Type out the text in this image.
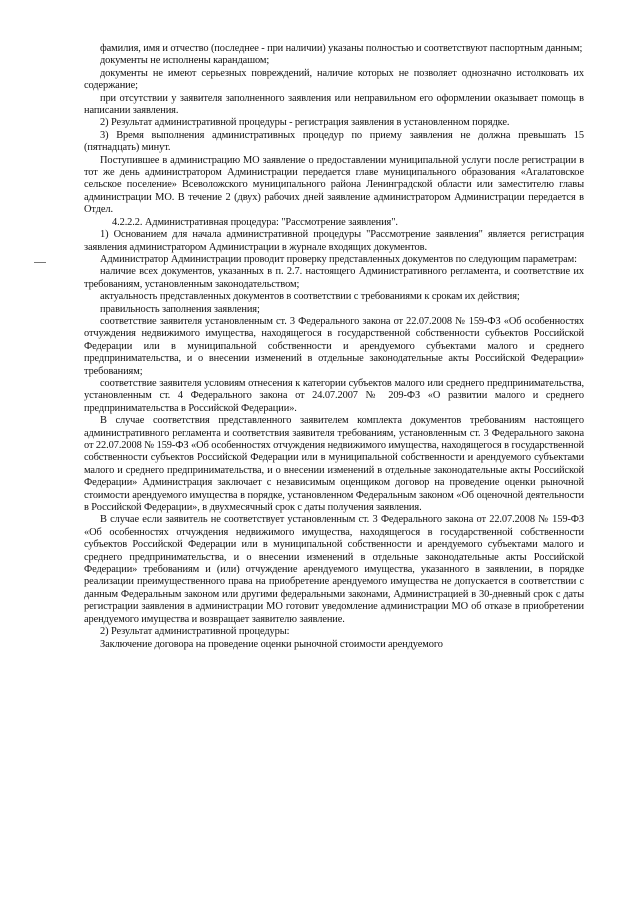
фамилия, имя и отчество (последнее - при наличии) указаны полностью и соответствуют паспортным данным;

документы не исполнены карандашом;

документы не имеют серьезных повреждений, наличие которых не позволяет однозначно истолковать их содержание;

при отсутствии у заявителя заполненного заявления или неправильном его оформлении оказывает помощь в написании заявления.

2) Результат административной процедуры - регистрация заявления в установленном порядке.

3) Время выполнения административных процедур по приему заявления не должна превышать 15 (пятнадцать) минут.

Поступившее в администрацию МО заявление о предоставлении муниципальной услуги после регистрации в тот же день администратором Администрации передается главе муниципального образования «Агалатовское сельское поселение» Всеволожского муниципального района Ленинградской области или заместителю главы администрации МО. В течение 2 (двух) рабочих дней заявление администратором Администрации передается в Отдел.

4.2.2.2. Административная процедура: "Рассмотрение заявления".

1) Основанием для начала административной процедуры "Рассмотрение заявления" является регистрация заявления администратором Администрации в журнале входящих документов.

Администратор Администрации проводит проверку представленных документов по следующим параметрам:

наличие всех документов, указанных в п. 2.7. настоящего Административного регламента, и соответствие их требованиям, установленным законодательством;

актуальность представленных документов в соответствии с требованиями к срокам их действия;

правильность заполнения заявления;

соответствие заявителя установленным ст. 3 Федерального закона от 22.07.2008 № 159-ФЗ «Об особенностях отчуждения недвижимого имущества, находящегося в государственной собственности субъектов Российской Федерации или в муниципальной собственности и арендуемого субъектами малого и среднего предпринимательства, и о внесении изменений в отдельные законодательные акты Российской Федерации» требованиям;

соответствие заявителя условиям отнесения к категории субъектов малого или среднего предпринимательства, установленным ст. 4 Федерального закона от 24.07.2007 № 209-ФЗ «О развитии малого и среднего предпринимательства в Российской Федерации».

В случае соответствия представленного заявителем комплекта документов требованиям настоящего административного регламента и соответствия заявителя требованиям, установленным ст. 3 Федерального закона от 22.07.2008 № 159-ФЗ «Об особенностях отчуждения недвижимого имущества, находящегося в государственной собственности субъектов Российской Федерации или в муниципальной собственности и арендуемого субъектами малого и среднего предпринимательства, и о внесении изменений в отдельные законодательные акты Российской Федерации» Администрация заключает с независимым оценщиком договор на проведение оценки рыночной стоимости арендуемого имущества в порядке, установленном Федеральным законом «Об оценочной деятельности в Российской Федерации», в двухмесячный срок с даты получения заявления.

В случае если заявитель не соответствует установленным ст. 3 Федерального закона от 22.07.2008 № 159-ФЗ «Об особенностях отчуждения недвижимого имущества, находящегося в государственной собственности субъектов Российской Федерации или в муниципальной собственности и арендуемого субъектами малого и среднего предпринимательства, и о внесении изменений в отдельные законодательные акты Российской Федерации» требованиям и (или) отчуждение арендуемого имущества, указанного в заявлении, в порядке реализации преимущественного права на приобретение арендуемого имущества не допускается в соответствии с данным Федеральным законом или другими федеральными законами, Администрацией в 30-дневный срок с даты регистрации заявления в администрации МО готовит уведомление администрации МО об отказе в приобретении арендуемого имущества и возвращает заявителю заявление.

2) Результат административной процедуры:

Заключение договора на проведение оценки рыночной стоимости арендуемого
